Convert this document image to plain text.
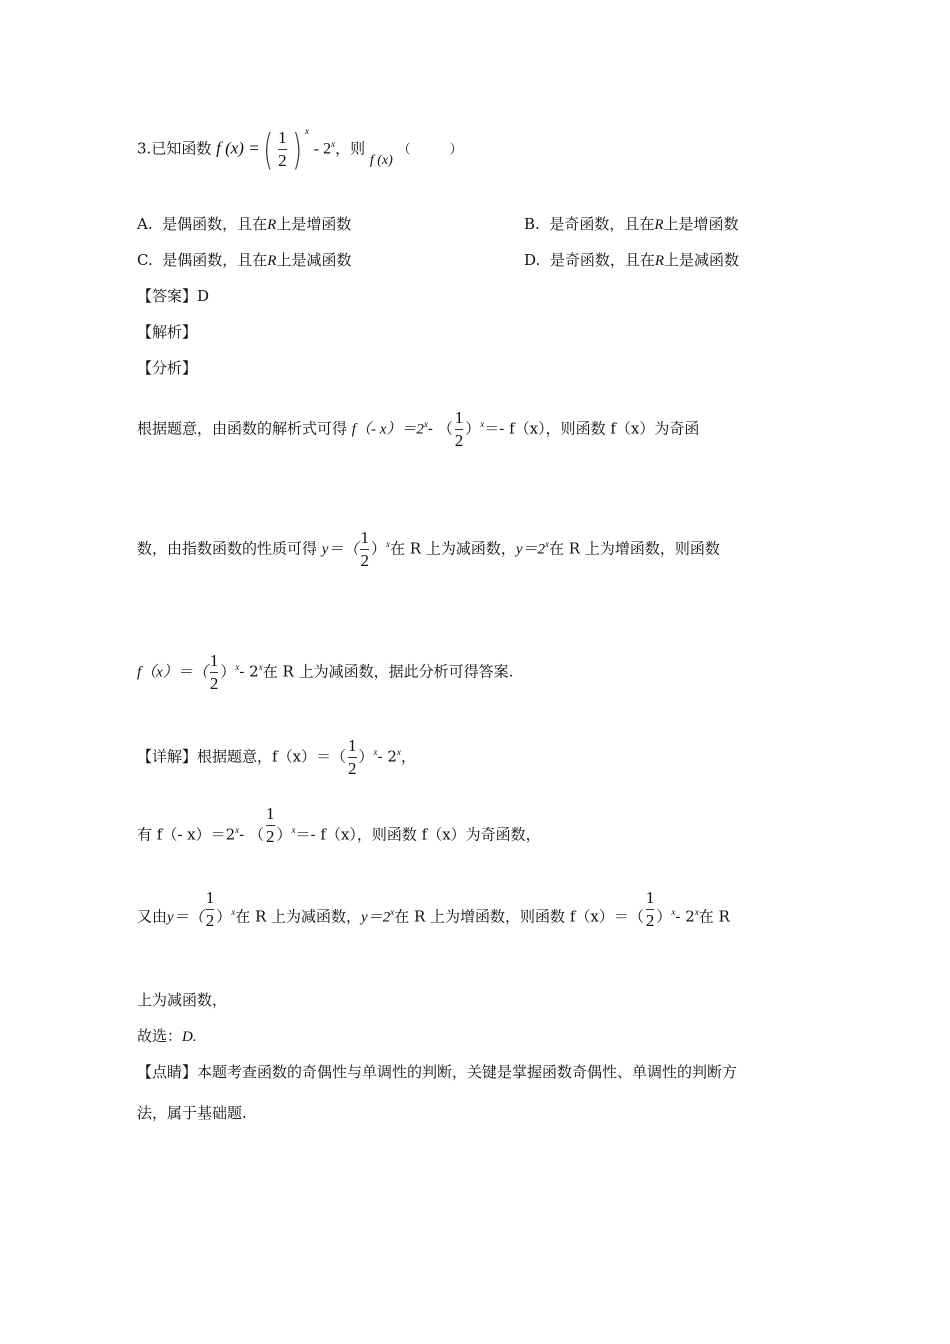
3.已知函数 f (x) =( $\frac{1}{2}$ ) $^x$ - 2$^x$，则 f (x) （　　　）
A. 是偶函数，且在R上是增函数	B. 是奇函数，且在R上是增函数
C. 是偶函数，且在R上是减函数	D. 是奇函数，且在R上是减函数
【答案】D
【解析】
【分析】
根据题意，由函数的解析式可得 f（- $x)=2^x-$ （ $\frac{1}{2} )^x=-$ f（x），则函数 f（x）为奇函
数，由指数函数的性质可得 $y=( \frac{1}{2} )^x$在 R 上为减函数，$y=2^x$在 R 上为增函数，则函数
$f(x)=( \frac{1}{2} )^x-$ 2$^x$在 R 上为减函数，据此分析可得答案.
【详解】根据题意，$f(x)=( \frac{1}{2} )^x-$ 2$^x$，
有 f（- $x)=2^x-$ （ $\frac{1}{2} )^x=-$ f（x），则函数 f（x）为奇函数，
又由$y=( \frac{1}{2} )^x$在 R 上为减函数，$y=2^x$在 R 上为增函数，则函数 $f(x)=( \frac{1}{2} )^x-$ 2$^x$在 R
上为减函数，
故选：D.
【点睛】本题考查函数的奇偶性与单调性的判断，关键是掌握函数奇偶性、单调性的判断方
法，属于基础题.
